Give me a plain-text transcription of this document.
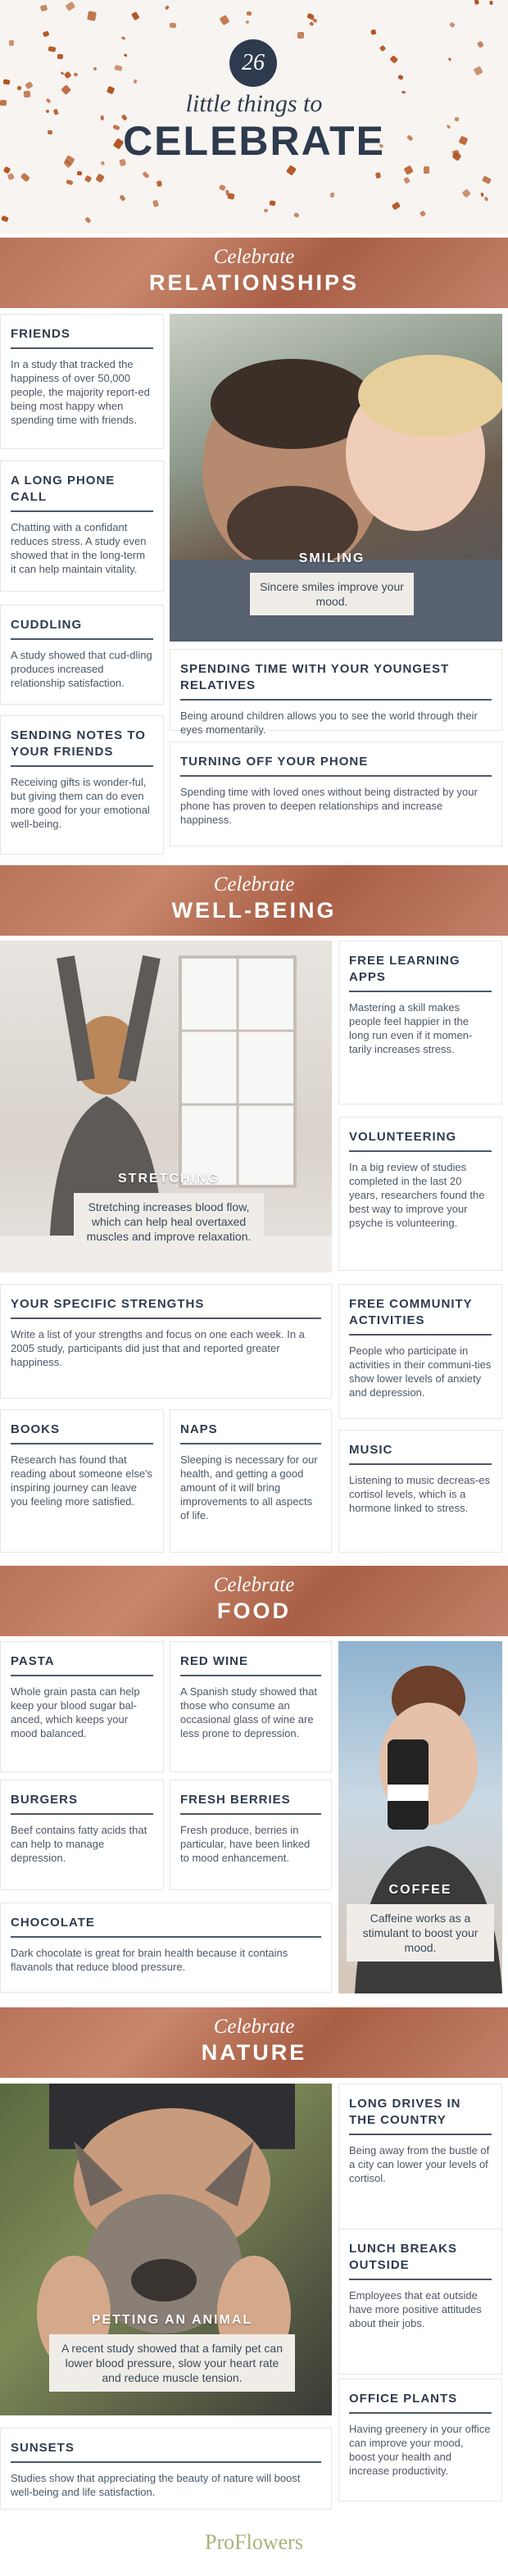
26
little things to
CELEBRATE
Celebrate
RELATIONSHIPS
FRIENDS

In a study that tracked the happiness of over 50,000 people, the majority report-ed being most happy when spending time with friends.

A LONG PHONE CALL

Chatting with a confidant reduces stress. A study even showed that in the long-term it can help maintain vitality.

CUDDLING

A study showed that cud-dling produces increased relationship satisfaction.

SENDING NOTES TO YOUR FRIENDS

Receiving gifts is wonder-ful, but giving them can do even more good for your emotional well-being.

SMILING
Sincere smiles improve your mood.
SPENDING TIME WITH YOUR YOUNGEST RELATIVES

Being around children allows you to see the world through their eyes momentarily.

TURNING OFF YOUR PHONE

Spending time with loved ones without being distracted by your phone has proven to deepen relationships and increase happiness.

Celebrate
WELL-BEING
STRETCHING
Stretching increases blood flow, which can help heal overtaxed muscles and improve relaxation.
FREE LEARNING APPS

Mastering a skill makes people feel happier in the long run even if it momen-tarily increases stress.

VOLUNTEERING

In a big review of studies completed in the last 20 years, researchers found the best way to improve your psyche is volunteering.

YOUR SPECIFIC STRENGTHS

Write a list of your strengths and focus on one each week. In a 2005 study, participants did just that and reported greater happiness.

FREE COMMUNITY ACTIVITIES

People who participate in activities in their communi-ties show lower levels of anxiety and depression.

BOOKS

Research has found that reading about someone else's inspiring journey can leave you feeling more satisfied.

NAPS

Sleeping is necessary for our health, and getting a good amount of it will bring improvements to all aspects of life.

MUSIC

Listening to music decreas-es cortisol levels, which is a hormone linked to stress.

Celebrate
FOOD
PASTA

Whole grain pasta can help keep your blood sugar bal-anced, which keeps your mood balanced.

RED WINE

A Spanish study showed that those who consume an occasional glass of wine are less prone to depression.

COFFEE
Caffeine works as a stimulant to boost your mood.
BURGERS

Beef contains fatty acids that can help to manage depression.

FRESH BERRIES

Fresh produce, berries in particular, have been linked to mood enhancement.

CHOCOLATE

Dark chocolate is great for brain health because it contains flavanols that reduce blood pressure.

Celebrate
NATURE
PETTING AN ANIMAL
A recent study showed that a family pet can lower blood pressure, slow your heart rate and reduce muscle tension.
LONG DRIVES IN THE COUNTRY

Being away from the bustle of a city can lower your levels of cortisol.

LUNCH BREAKS OUTSIDE

Employees that eat outside have more positive attitudes about their jobs.

OFFICE PLANTS

Having greenery in your office can improve your mood, boost your health and increase productivity.

SUNSETS

Studies show that appreciating the beauty of nature will boost well-being and life satisfaction.

ProFlowers
